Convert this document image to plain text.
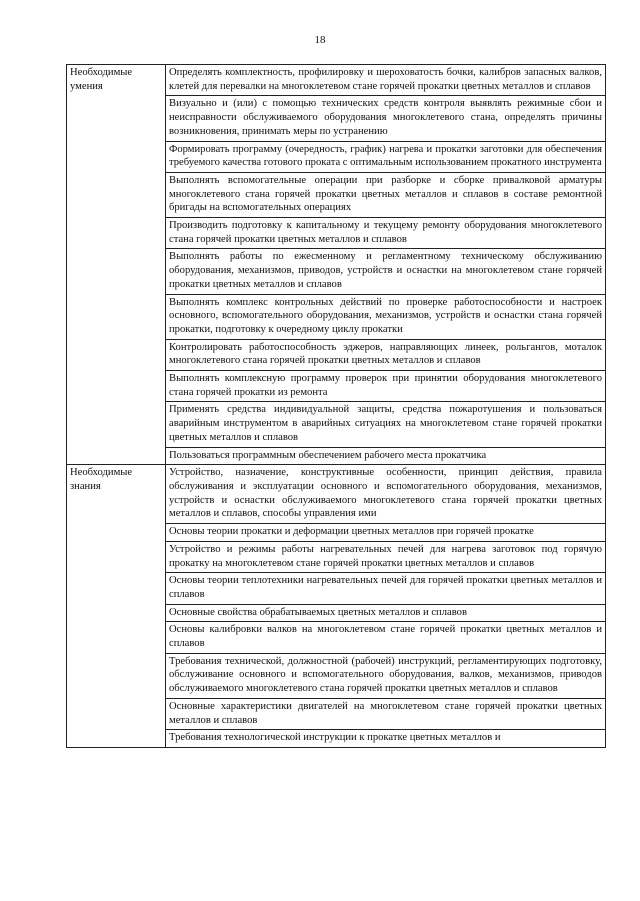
18
Необходимые умения	Определять комплектность, профилировку и шероховатость бочки, калибров запасных валков, клетей для перевалки на многоклетевом стане горячей прокатки цветных металлов и сплавов
	Визуально и (или) с помощью технических средств контроля выявлять режимные сбои и неисправности обслуживаемого оборудования многоклетевого стана, определять причины возникновения, принимать меры по устранению
	Формировать программу (очередность, график) нагрева и прокатки заготовки для обеспечения требуемого качества готового проката с оптимальным использованием прокатного инструмента
	Выполнять вспомогательные операции при разборке и сборке привалковой арматуры многоклетевого стана горячей прокатки цветных металлов и сплавов в составе ремонтной бригады на вспомогательных операциях
	Производить подготовку к капитальному и текущему ремонту оборудования многоклетевого стана горячей прокатки цветных металлов и сплавов
	Выполнять работы по ежесменному и регламентному техническому обслуживанию оборудования, механизмов, приводов, устройств и оснастки на многоклетевом стане горячей прокатки цветных металлов и сплавов
	Выполнять комплекс контрольных действий по проверке работоспособности и настроек основного, вспомогательного оборудования, механизмов, устройств и оснастки стана горячей прокатки, подготовку к очередному циклу прокатки
	Контролировать работоспособность эджеров, направляющих линеек, рольгангов, моталок многоклетевого стана горячей прокатки цветных металлов и сплавов
	Выполнять комплексную программу проверок при принятии оборудования многоклетевого стана горячей прокатки из ремонта
	Применять средства индивидуальной защиты, средства пожаротушения и пользоваться аварийным инструментом в аварийных ситуациях на многоклетевом стане горячей прокатки цветных металлов и сплавов
	Пользоваться программным обеспечением рабочего места прокатчика
Необходимые знания	Устройство, назначение, конструктивные особенности, принцип действия, правила обслуживания и эксплуатации основного и вспомогательного оборудования, механизмов, устройств и оснастки обслуживаемого многоклетевого стана горячей прокатки цветных металлов и сплавов, способы управления ими
	Основы теории прокатки и деформации цветных металлов при горячей прокатке
	Устройство и режимы работы нагревательных печей для нагрева заготовок под горячую прокатку на многоклетевом стане горячей прокатки цветных металлов и сплавов
	Основы теории теплотехники нагревательных печей для горячей прокатки цветных металлов и сплавов
	Основные свойства обрабатываемых цветных металлов и сплавов
	Основы калибровки валков на многоклетевом стане горячей прокатки цветных металлов и сплавов
	Требования технической, должностной (рабочей) инструкций, регламентирующих подготовку, обслуживание основного и вспомогательного оборудования, валков, механизмов, приводов обслуживаемого многоклетевого стана горячей прокатки цветных металлов и сплавов
	Основные характеристики двигателей на многоклетевом стане горячей прокатки цветных металлов и сплавов
	Требования технологической инструкции к прокатке цветных металлов и
